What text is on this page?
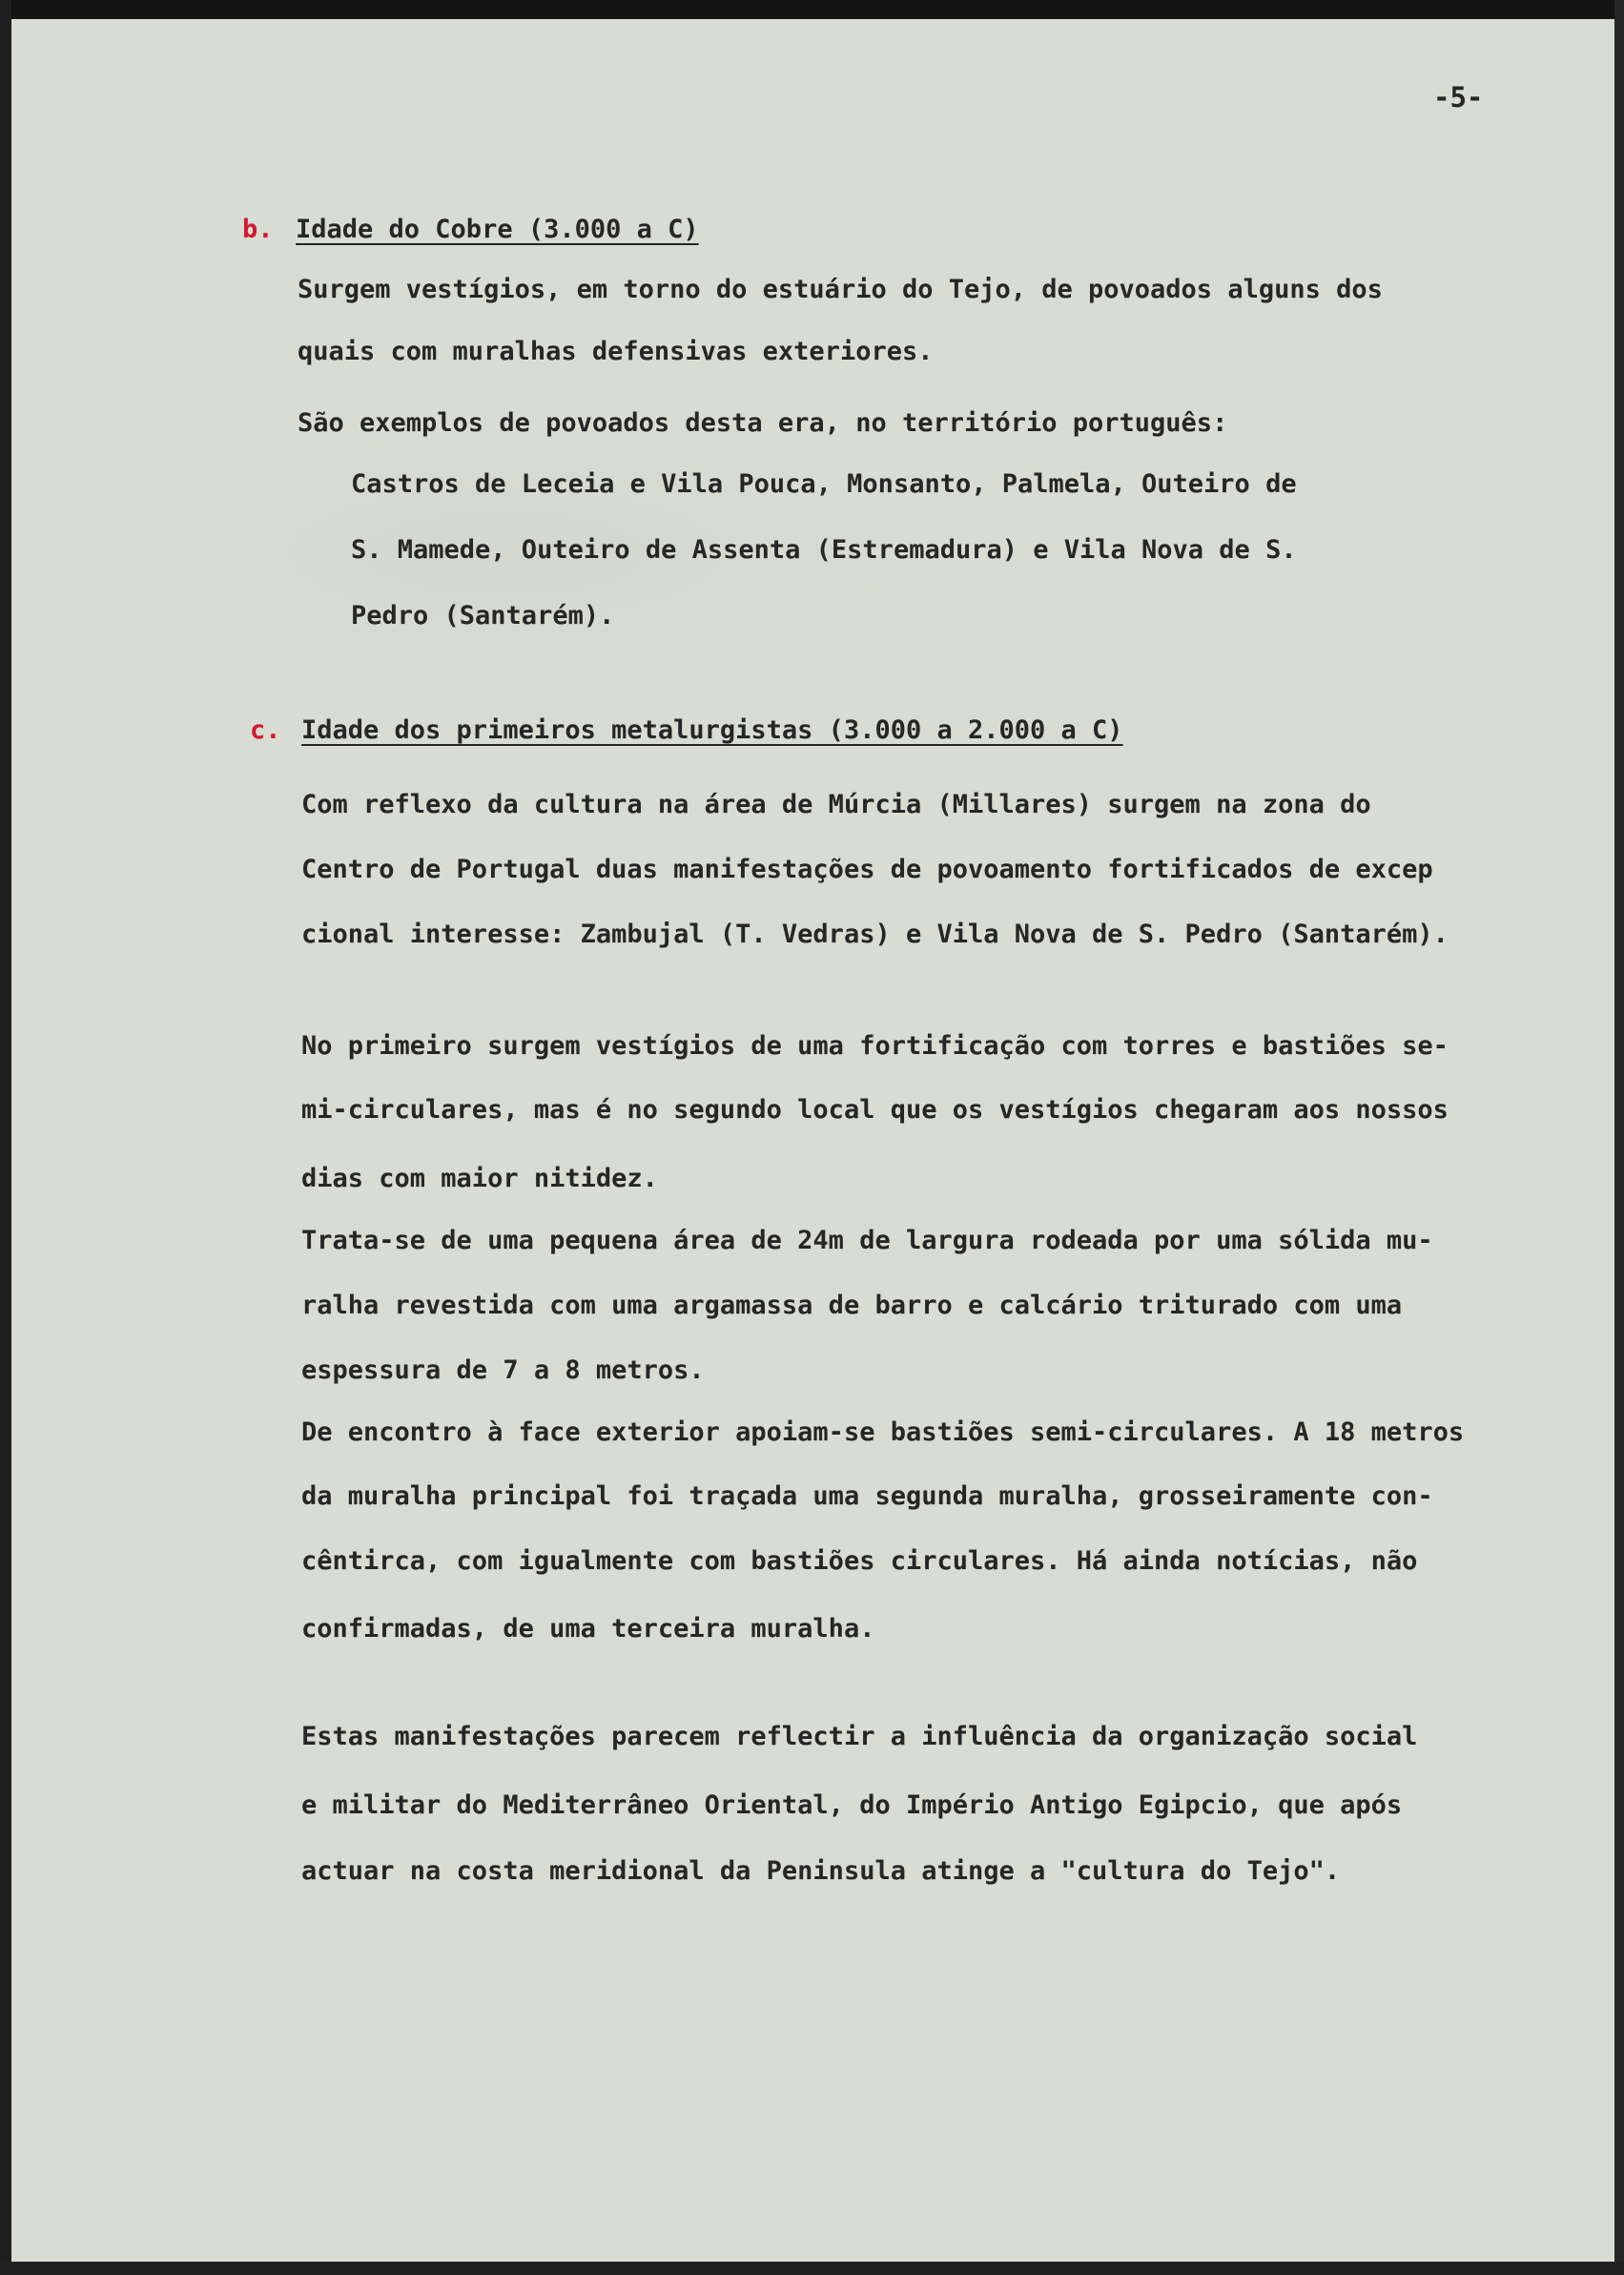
-5-
b. Idade do Cobre (3.000 a C)
Surgem vestígios, em torno do estuário do Tejo, de povoados alguns dos
quais com muralhas defensivas exteriores.
São exemplos de povoados desta era, no território português:
Castros de Leceia e Vila Pouca, Monsanto, Palmela, Outeiro de
S. Mamede, Outeiro de Assenta (Estremadura) e Vila Nova de S.
Pedro (Santarém).
c. Idade dos primeiros metalurgistas (3.000 a 2.000 a C)
Com reflexo da cultura na área de Múrcia (Millares) surgem na zona do
Centro de Portugal duas manifestações de povoamento fortificados de excep
cional interesse: Zambujal (T. Vedras) e Vila Nova de S. Pedro (Santarém).
No primeiro surgem vestígios de uma fortificação com torres e bastiões se-
mi-circulares, mas é no segundo local que os vestígios chegaram aos nossos
dias com maior nitidez.
Trata-se de uma pequena área de 24m de largura rodeada por uma sólida mu-
ralha revestida com uma argamassa de barro e calcário triturado com uma
espessura de 7 a 8 metros.
De encontro à face exterior apoiam-se bastiões semi-circulares. A 18 metros
da muralha principal foi traçada uma segunda muralha, grosseiramente con-
cêntirca, com igualmente com bastiões circulares. Há ainda notícias, não
confirmadas, de uma terceira muralha.
Estas manifestações parecem reflectir a influência da organização social
e militar do Mediterrâneo Oriental, do Império Antigo Egipcio, que após
actuar na costa meridional da Peninsula atinge a "cultura do Tejo".
